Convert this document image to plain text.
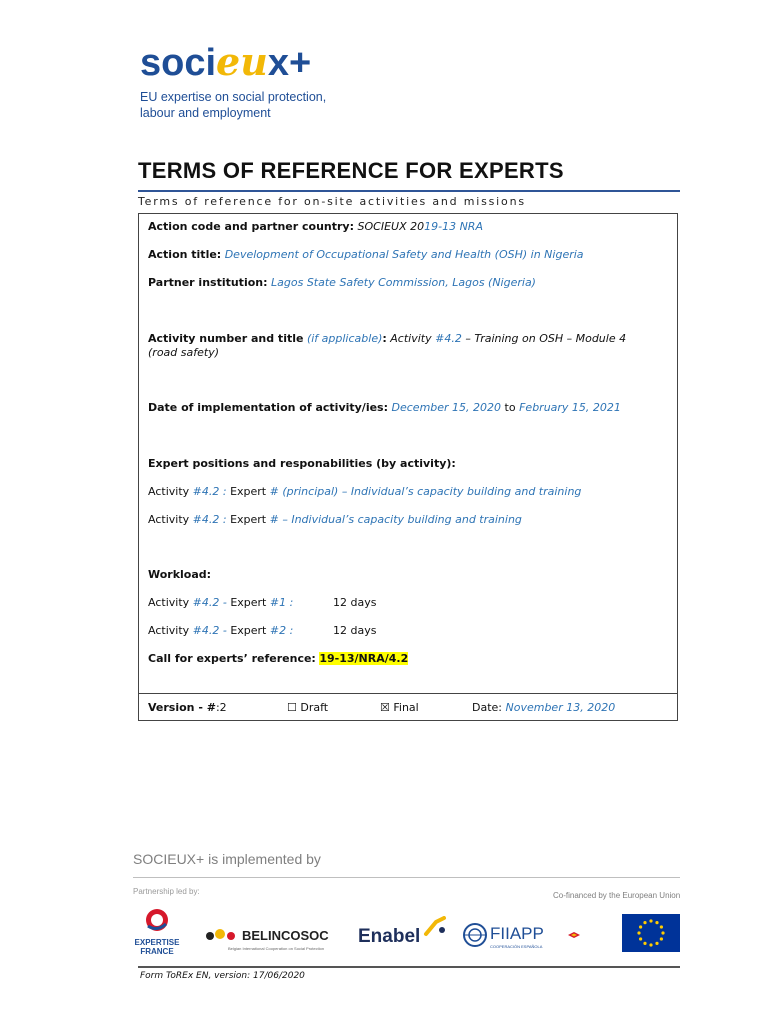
socieux+
EU expertise on social protection,
labour and employment
TERMS OF REFERENCE FOR EXPERTS
Terms of reference for on-site activities and missions
Action code and partner country: SOCIEUX 2019-13 NRA
Action title: Development of Occupational Safety and Health (OSH) in Nigeria
Partner institution: Lagos State Safety Commission, Lagos (Nigeria)
Activity number and title (if applicable): Activity #4.2 – Training on OSH – Module 4
(road safety)
Date of implementation of activity/ies: December 15, 2020 to February 15, 2021
Expert positions and responabilities (by activity):
Activity #4.2 : Expert # (principal) – Individual’s capacity building and training
Activity #4.2 : Expert # – Individual’s capacity building and training
Workload:
Activity #4.2 - Expert #1 :	12 days
Activity #4.2 - Expert #2 :	12 days
Call for experts’ reference: 19-13/NRA/4.2
Version - #:2	☐ Draft	☒ Final	Date: November 13, 2020
SOCIEUX+ is implemented by
Partnership led by:	Co-financed by the European Union
EXPERTISE
FRANCE
BELINCOSOC
Belgian International Cooperation on Social Protection
Enabel	FIIAPP
COOPERACIÓN ESPAÑOLA
Form ToREx EN, version: 17/06/2020
